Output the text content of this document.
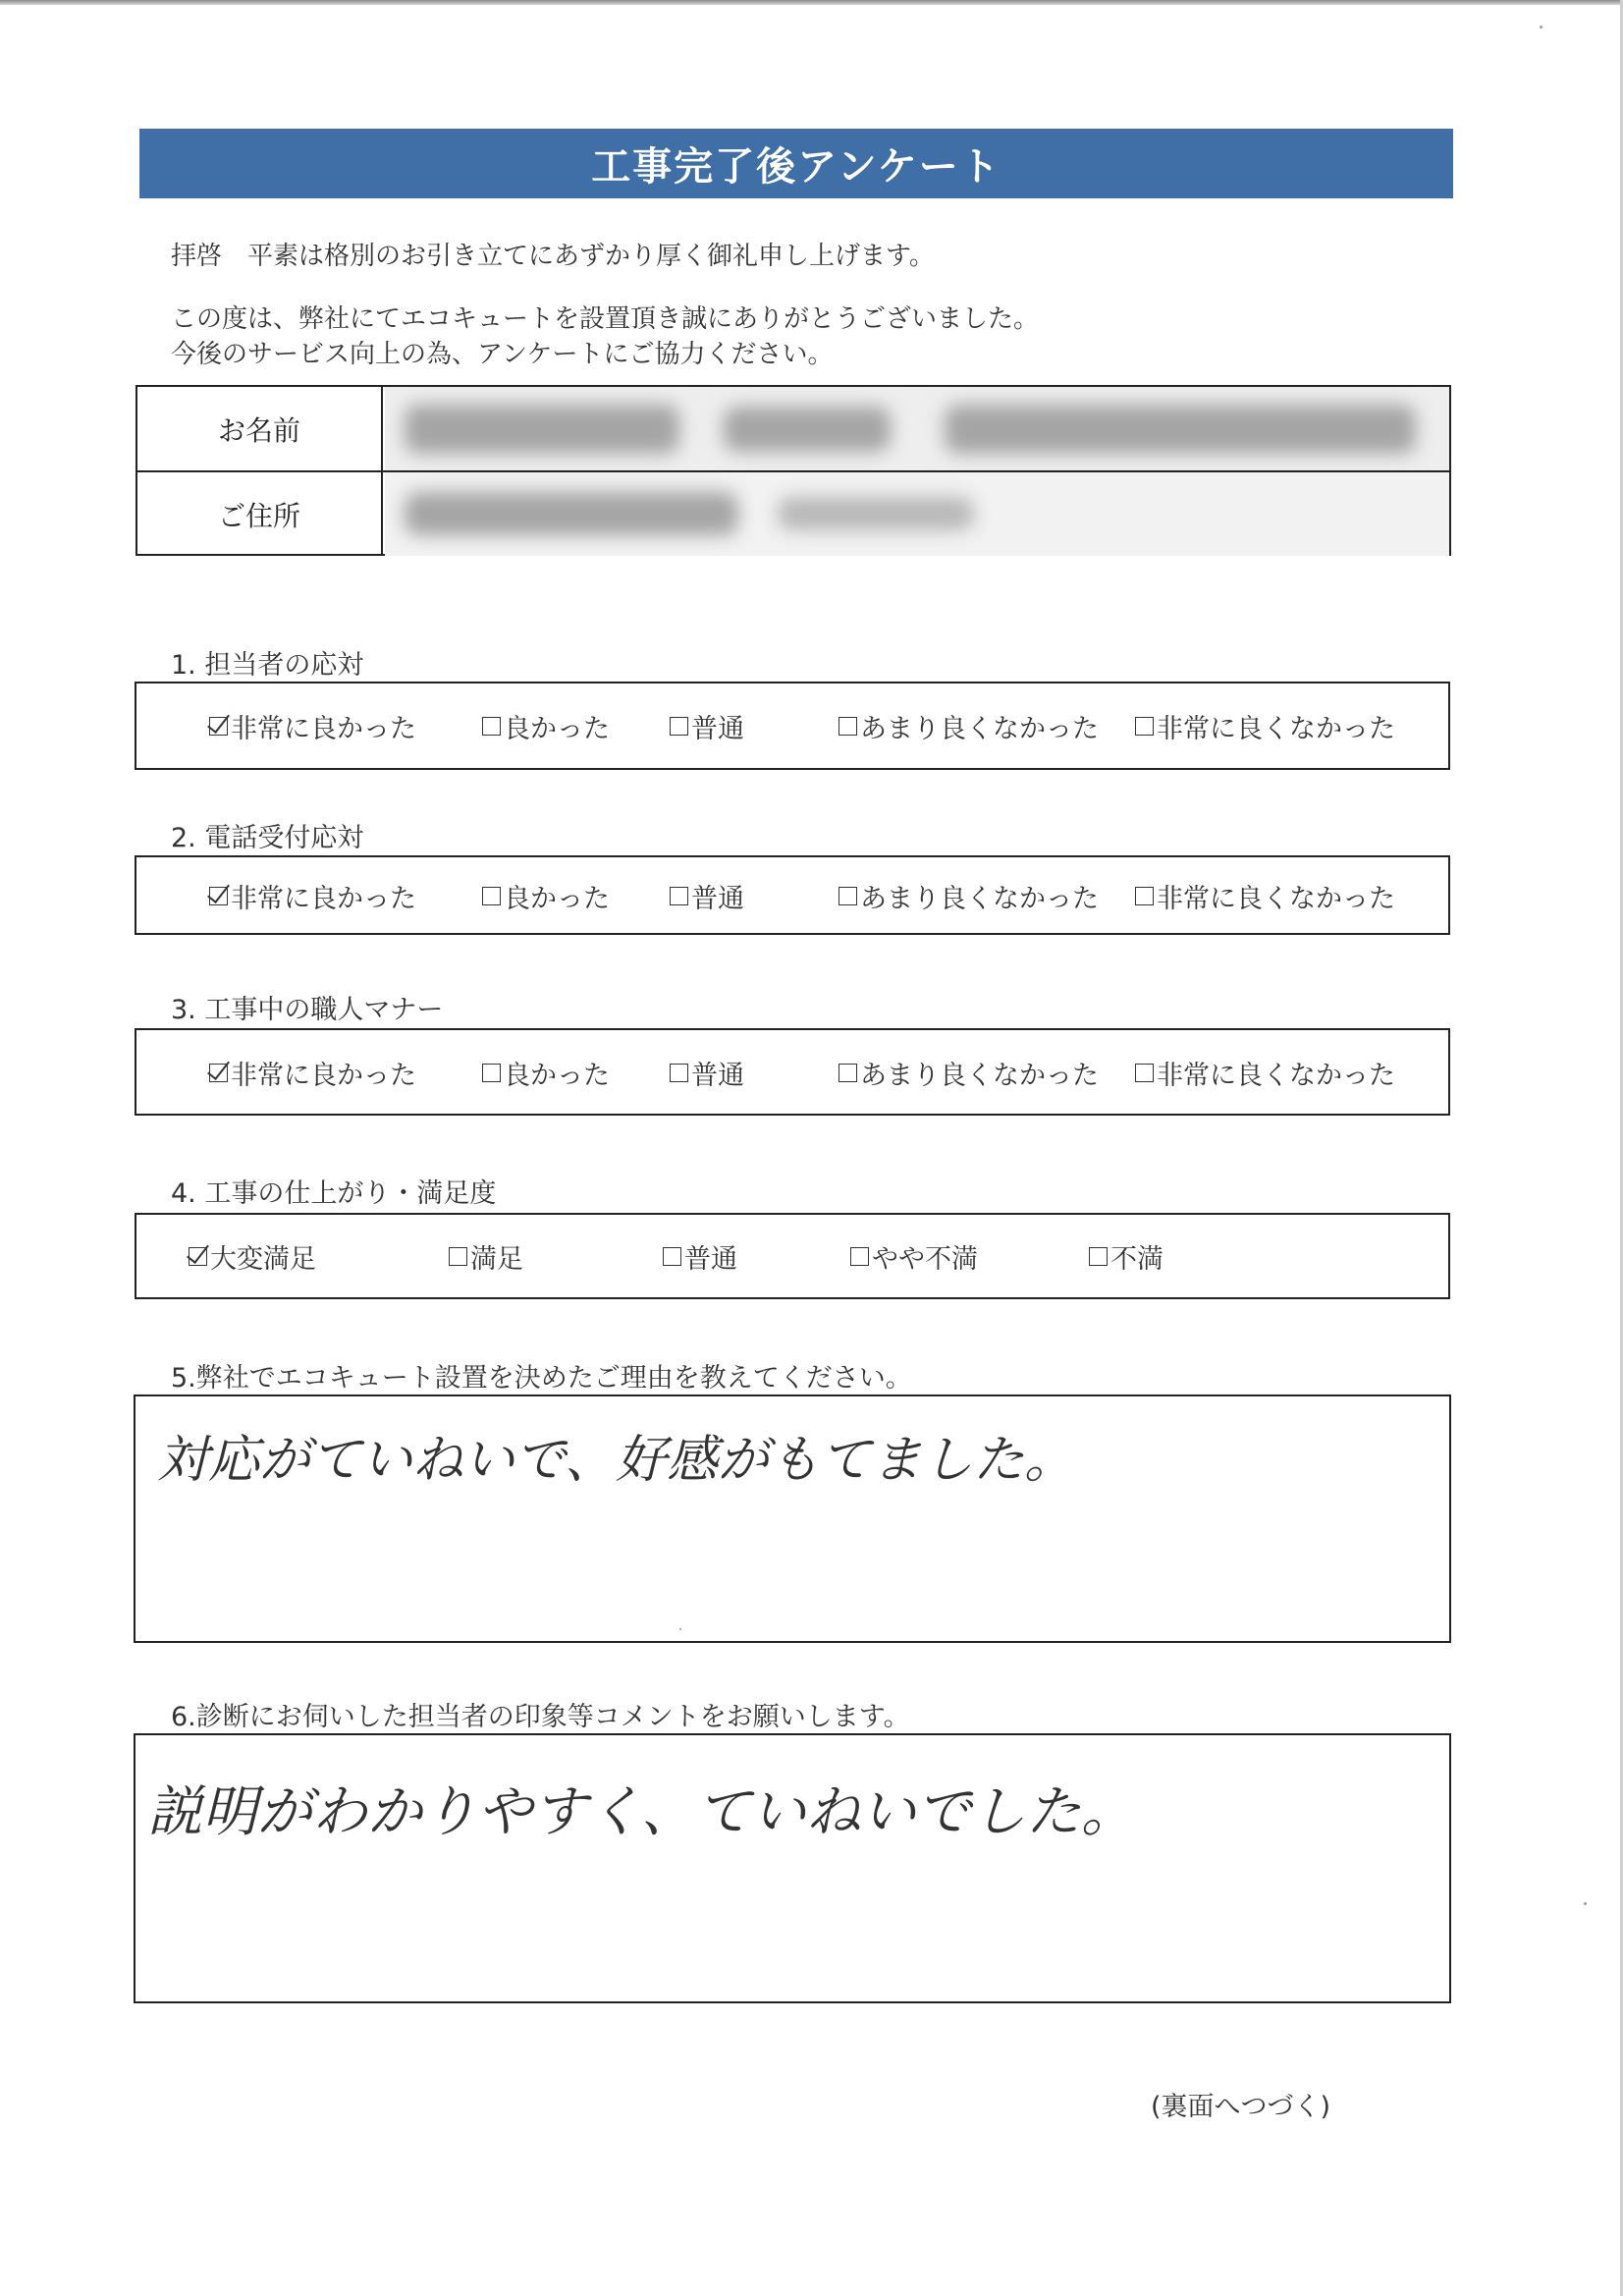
工事完了後アンケート
拝啓　平素は格別のお引き立てにあずかり厚く御礼申し上げます。
この度は、弊社にてエコキュートを設置頂き誠にありがとうございました。
今後のサービス向上の為、アンケートにご協力ください。
お名前
ご住所
1. 担当者の応対
非常に良かった	良かった	普通	あまり良くなかった 非常に良くなかった
2. 電話受付応対
非常に良かった	良かった	普通	あまり良くなかった 非常に良くなかった
3. 工事中の職人マナー
非常に良かった	良かった	普通	あまり良くなかった 非常に良くなかった
4. 工事の仕上がり・満足度
大変満足	満足	普通	やや不満	不満
5.弊社でエコキュート設置を決めたご理由を教えてください。
対応がていねいで、好感がもてました。
6.診断にお伺いした担当者の印象等コメントをお願いします。
説明がわかりやすく、ていねいでした。
(裏面へつづく)
